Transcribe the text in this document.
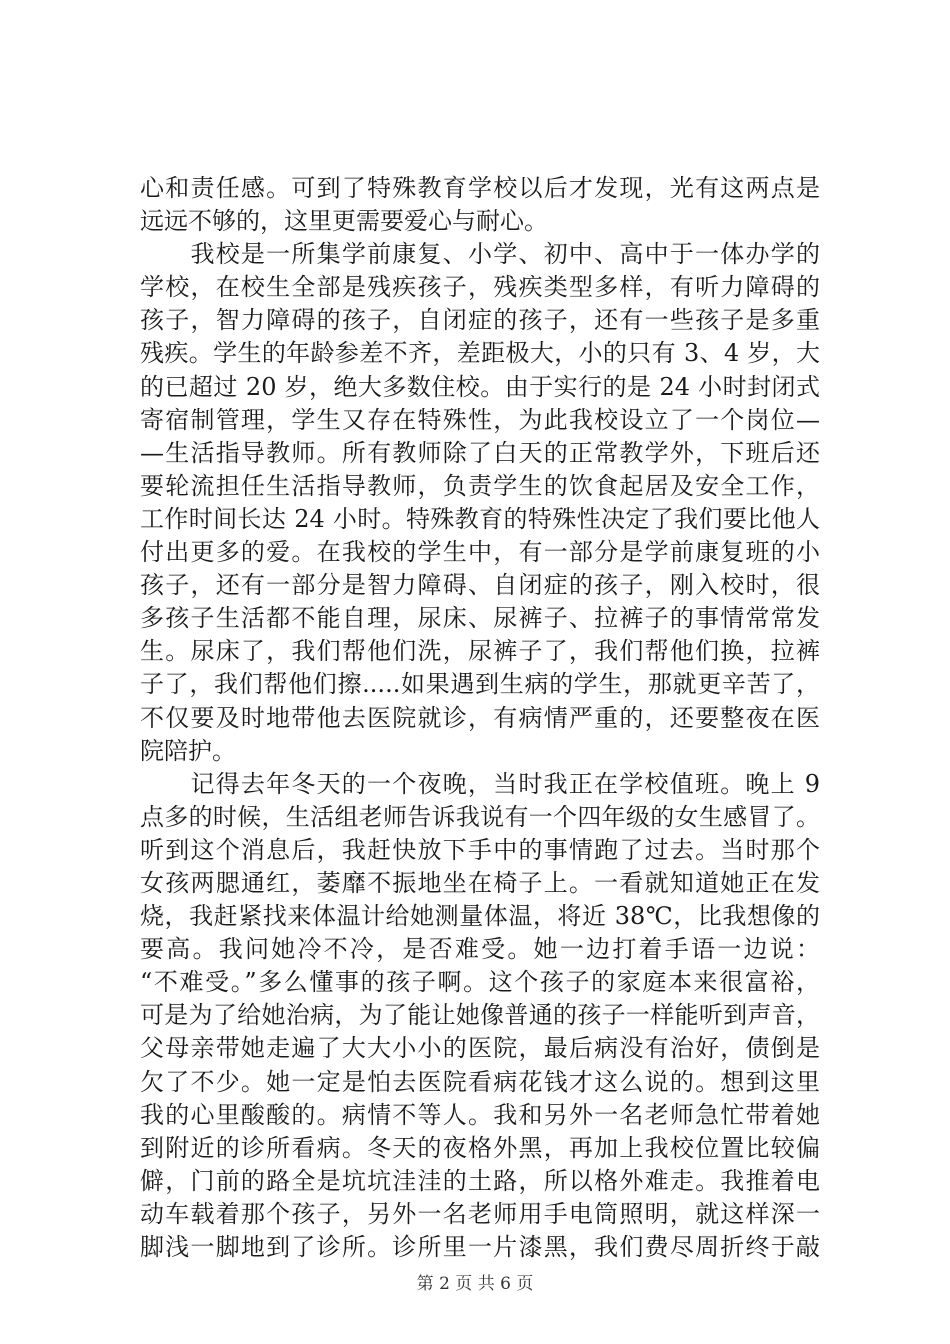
心和责任感。可到了特殊教育学校以后才发现，光有这两点是
远远不够的，这里更需要爱心与耐心。
　　我校是一所集学前康复、小学、初中、高中于一体办学的
学校，在校生全部是残疾孩子，残疾类型多样，有听力障碍的
孩子，智力障碍的孩子，自闭症的孩子，还有一些孩子是多重
残疾。学生的年龄参差不齐，差距极大，小的只有 3、4 岁，大
的已超过 20 岁，绝大多数住校。由于实行的是 24 小时封闭式
寄宿制管理，学生又存在特殊性，为此我校设立了一个岗位—
—生活指导教师。所有教师除了白天的正常教学外，下班后还
要轮流担任生活指导教师，负责学生的饮食起居及安全工作，
工作时间长达 24 小时。特殊教育的特殊性决定了我们要比他人
付出更多的爱。在我校的学生中，有一部分是学前康复班的小
孩子，还有一部分是智力障碍、自闭症的孩子，刚入校时，很
多孩子生活都不能自理，尿床、尿裤子、拉裤子的事情常常发
生。尿床了，我们帮他们洗，尿裤子了，我们帮他们换，拉裤
子了，我们帮他们擦.....如果遇到生病的学生，那就更辛苦了，
不仅要及时地带他去医院就诊，有病情严重的，还要整夜在医
院陪护。
　　记得去年冬天的一个夜晚，当时我正在学校值班。晚上 9
点多的时候，生活组老师告诉我说有一个四年级的女生感冒了。
听到这个消息后，我赶快放下手中的事情跑了过去。当时那个
女孩两腮通红，萎靡不振地坐在椅子上。一看就知道她正在发
烧，我赶紧找来体温计给她测量体温，将近 38℃，比我想像的
要高。我问她冷不冷，是否难受。她一边打着手语一边说：
“不难受。”多么懂事的孩子啊。这个孩子的家庭本来很富裕，
可是为了给她治病，为了能让她像普通的孩子一样能听到声音，
父母亲带她走遍了大大小小的医院，最后病没有治好，债倒是
欠了不少。她一定是怕去医院看病花钱才这么说的。想到这里
我的心里酸酸的。病情不等人。我和另外一名老师急忙带着她
到附近的诊所看病。冬天的夜格外黑，再加上我校位置比较偏
僻，门前的路全是坑坑洼洼的土路，所以格外难走。我推着电
动车载着那个孩子，另外一名老师用手电筒照明，就这样深一
脚浅一脚地到了诊所。诊所里一片漆黑，我们费尽周折终于敲
第 2 页 共 6 页
